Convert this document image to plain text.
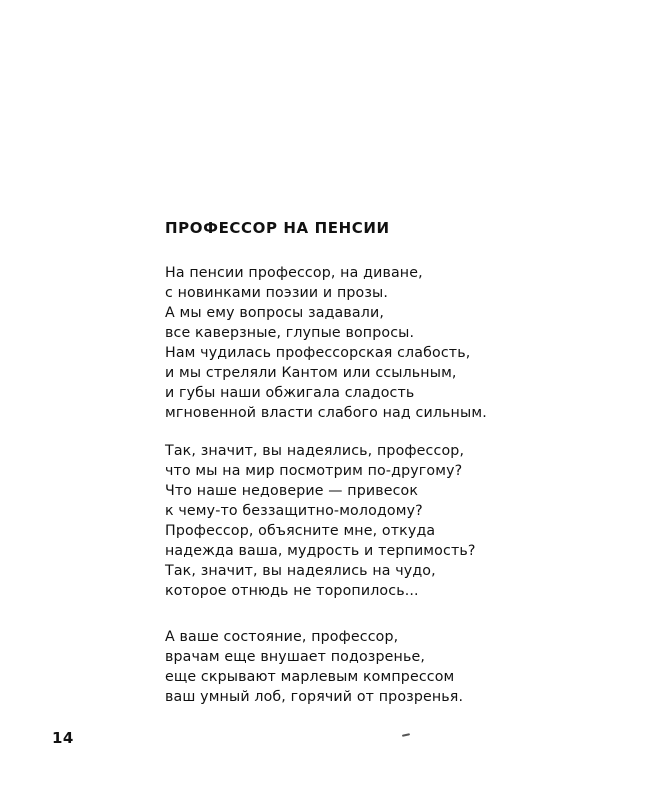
ПРОФЕССОР НА ПЕНСИИ
На пенсии профессор, на диване,
с новинками поэзии и прозы.
А мы ему вопросы задавали,
все каверзные, глупые вопросы.
Нам чудилась профессорская слабость,
и мы стреляли Кантом или ссыльным,
и губы наши обжигала сладость
мгновенной власти слабого над сильным.
Так, значит, вы надеялись, профессор,
что мы на мир посмотрим по-другому?
Что наше недоверие — привесок
к чему-то беззащитно-молодому?
Профессор, объясните мне, откуда
надежда ваша, мудрость и терпимость?
Так, значит, вы надеялись на чудо,
которое отнюдь не торопилось...
А ваше состояние, профессор,
врачам еще внушает подозренье,
еще скрывают марлевым компрессом
ваш умный лоб, горячий от прозренья.
14
